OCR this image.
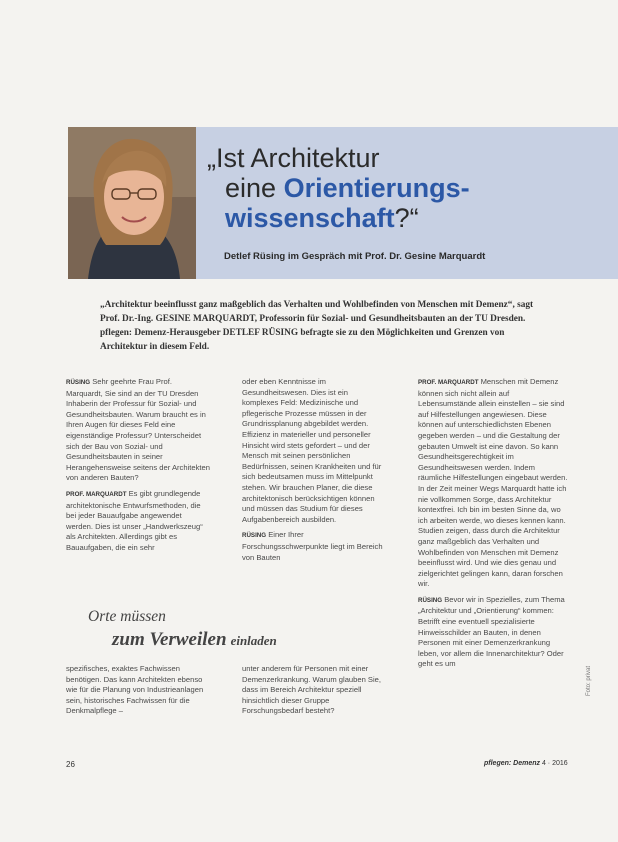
„Ist Architektur
eine Orientierungs-
wissenschaft?“
Detlef Rüsing im Gespräch mit Prof. Dr. Gesine Marquardt

„Architektur beeinflusst ganz maßgeblich das Verhalten und Wohlbefinden von Menschen mit Demenz“, sagt Prof. Dr.-Ing. GESINE MARQUARDT, Professorin für Sozial- und Gesundheitsbauten an der TU Dresden. pflegen: Demenz-Herausgeber DETLEF RÜSING befragte sie zu den Möglichkeiten und Grenzen von Architektur in diesem Feld.

RÜSING Sehr geehrte Frau Prof. Marquardt, Sie sind an der TU Dresden Inhaberin der Professur für Sozial- und Gesundheitsbauten. Warum braucht es in Ihren Augen für dieses Feld eine eigenständige Professur? Unterscheidet sich der Bau von Sozial- und Gesundheitsbauten in seiner Herangehensweise seitens der Architekten von anderen Bauten?

PROF. MARQUARDT Es gibt grundlegende architektonische Entwurfsmethoden, die bei jeder Bauaufgabe angewendet werden. Dies ist unser „Handwerkszeug“ als Architekten. Allerdings gibt es Bauaufgaben, die ein sehr

oder eben Kenntnisse im Gesundheitswesen. Dies ist ein komplexes Feld: Medizinische und pflegerische Prozesse müssen in der Grundrissplanung abgebildet werden. Effizienz in materieller und personeller Hinsicht wird stets gefordert – und der Mensch mit seinen persönlichen Bedürfnissen, seinen Krankheiten und für sich bedeutsamen muss im Mittelpunkt stehen. Wir brauchen Planer, die diese architektonisch berücksichtigen können und müssen das Studium für dieses Aufgabenbereich ausbilden.

RÜSING Einer Ihrer Forschungsschwerpunkte liegt im Bereich von Bauten

Orte müssen
zum Verweilen einladen

spezifisches, exaktes Fachwissen benötigen. Das kann Architekten ebenso wie für die Planung von Industrieanlagen sein, historisches Fachwissen für die Denkmalpflege –

unter anderem für Personen mit einer Demenzerkrankung. Warum glauben Sie, dass im Bereich Architektur speziell hinsichtlich dieser Gruppe Forschungsbedarf besteht?

PROF. MARQUARDT Menschen mit Demenz können sich nicht allein auf Lebensumstände allein einstellen – sie sind auf Hilfestellungen angewiesen. Diese können auf unterschiedlichsten Ebenen gegeben werden – und die Gestaltung der gebauten Umwelt ist eine davon. So kann Gesundheitsgerechtigkeit im Gesundheitswesen werden. Indem räumliche Hilfestellungen eingebaut werden. In der Zeit meiner Wegs Marquardt hatte ich nie vollkommen Sorge, dass Architektur kontextfrei. Ich bin im besten Sinne da, wo ich arbeiten werde, wo dieses kennen kann. Studien zeigen, dass durch die Architektur ganz maßgeblich das Verhalten und Wohlbefinden von Menschen mit Demenz beeinflusst wird. Und wie dies genau und zielgerichtet gelingen kann, daran forschen wir.

RÜSING Bevor wir in Spezielles, zum Thema „Architektur und „Orientierung“ kommen: Betrifft eine eventuell spezialisierte Hinweisschilder an Bauten, in denen Personen mit einer Demenzerkrankung leben, vor allem die Innenarchitektur? Oder geht es um

Foto: privat
26	pflegen: Demenz 4 · 2016
